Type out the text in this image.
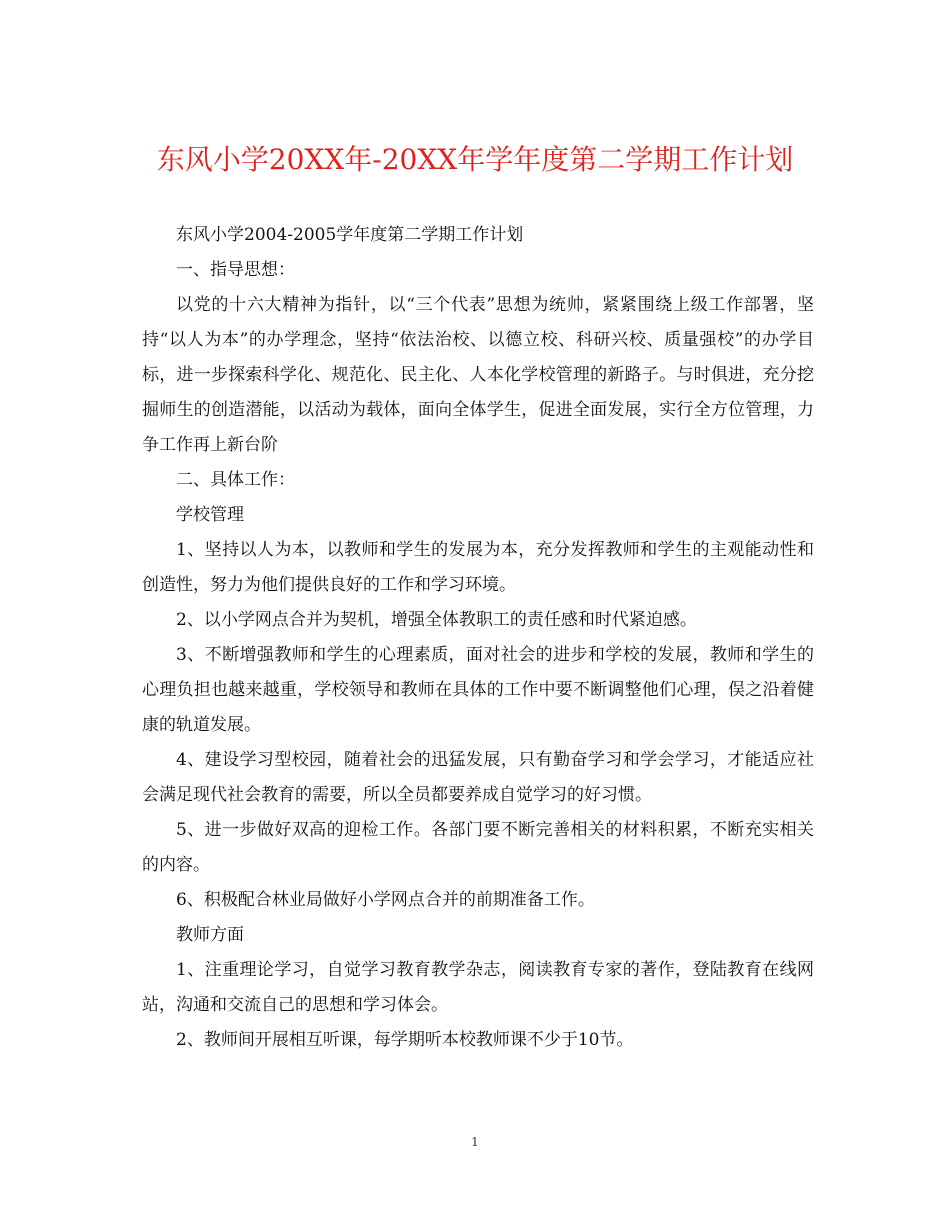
东风小学20XX年-20XX年学年度第二学期工作计划

东风小学2004-2005学年度第二学期工作计划

一、指导思想：

以党的十六大精神为指针，以“三个代表”思想为统帅，紧紧围绕上级工作部署，坚持“以人为本”的办学理念，坚持“依法治校、以德立校、科研兴校、质量强校”的办学目标，进一步探索科学化、规范化、民主化、人本化学校管理的新路子。与时俱进，充分挖掘师生的创造潜能，以活动为载体，面向全体学生，促进全面发展，实行全方位管理，力争工作再上新台阶

二、具体工作：

学校管理

1、坚持以人为本，以教师和学生的发展为本，充分发挥教师和学生的主观能动性和创造性，努力为他们提供良好的工作和学习环境。

2、以小学网点合并为契机，增强全体教职工的责任感和时代紧迫感。

3、不断增强教师和学生的心理素质，面对社会的进步和学校的发展，教师和学生的心理负担也越来越重，学校领导和教师在具体的工作中要不断调整他们心理，俣之沿着健康的轨道发展。

4、建设学习型校园，随着社会的迅猛发展，只有勤奋学习和学会学习，才能适应社会满足现代社会教育的需要，所以全员都要养成自觉学习的好习惯。

5、进一步做好双高的迎检工作。各部门要不断完善相关的材料积累，不断充实相关的内容。

6、积极配合林业局做好小学网点合并的前期准备工作。

教师方面

1、注重理论学习，自觉学习教育教学杂志，阅读教育专家的著作，登陆教育在线网站，沟通和交流自己的思想和学习体会。

2、教师间开展相互听课，每学期听本校教师课不少于10节。

1
